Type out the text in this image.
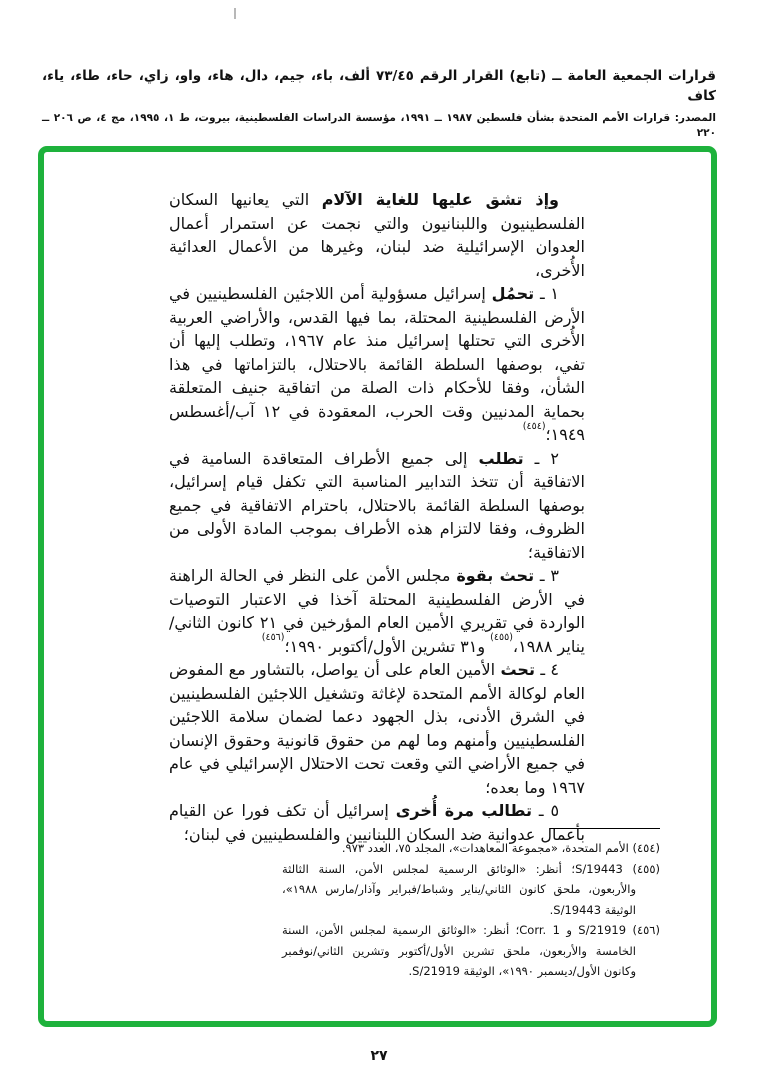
قرارات الجمعية العامة ــ (تابع) القرار الرقم ٧٣/٤٥ ألف، باء، جيم، دال، هاء، واو، زاي، حاء، طاء، ياء، كاف
المصدر: قرارات الأمم المتحدة بشأن فلسطين ١٩٨٧ ــ ١٩٩١، مؤسسة الدراسات الفلسطينية، بيروت، ط ١، ١٩٩٥، مج ٤، ص ٢٠٦ ــ ٢٢٠

وإذ تشق عليها للغاية الآلام التي يعانيها السكان الفلسطينيون واللبنانيون والتي نجمت عن استمرار أعمال العدوان الإسرائيلية ضد لبنان، وغيرها من الأعمال العدائية الأُخرى،

١ ـ تحمُل إسرائيل مسؤولية أمن اللاجئين الفلسطينيين في الأرض الفلسطينية المحتلة، بما فيها القدس، والأراضي العربية الأُخرى التي تحتلها إسرائيل منذ عام ١٩٦٧، وتطلب إليها أن تفي، بوصفها السلطة القائمة بالاحتلال، بالتزاماتها في هذا الشأن، وفقا للأحكام ذات الصلة من اتفاقية جنيف المتعلقة بحماية المدنيين وقت الحرب، المعقودة في ١٢ آب/أغسطس ١٩٤٩؛$^{(٤٥٤)}$

٢ ـ تطلب إلى جميع الأطراف المتعاقدة السامية في الاتفاقية أن تتخذ التدابير المناسبة التي تكفل قيام إسرائيل، بوصفها السلطة القائمة بالاحتلال، باحترام الاتفاقية في جميع الظروف، وفقا لالتزام هذه الأطراف بموجب المادة الأولى من الاتفاقية؛

٣ ـ تحث بقوة مجلس الأمن على النظر في الحالة الراهنة في الأرض الفلسطينية المحتلة آخذا في الاعتبار التوصيات الواردة في تقريري الأمين العام المؤرخين في ٢١ كانون الثاني/يناير ١٩٨٨،$^{(٤٥٥)}$ و٣١ تشرين الأول/أكتوبر ١٩٩٠؛$^{(٤٥٦)}$

٤ ـ تحث الأمين العام على أن يواصل، بالتشاور مع المفوض العام لوكالة الأمم المتحدة لإغاثة وتشغيل اللاجئين الفلسطينيين في الشرق الأدنى، بذل الجهود دعما لضمان سلامة اللاجئين الفلسطينيين وأمنهم وما لهم من حقوق قانونية وحقوق الإنسان في جميع الأراضي التي وقعت تحت الاحتلال الإسرائيلي في عام ١٩٦٧ وما بعده؛

٥ ـ تطالب مرة أُخرى إسرائيل أن تكف فورا عن القيام بأعمال عدوانية ضد السكان اللبنانيين والفلسطينيين في لبنان؛

(٤٥٤) الأمم المتحدة، «مجموعة المعاهدات»، المجلد ٧٥، العدد ٩٧٣.

(٤٥٥) S/19443؛ أنظر: «الوثائق الرسمية لمجلس الأمن، السنة الثالثة والأربعون، ملحق كانون الثاني/يناير وشباط/فبراير وآذار/مارس ١٩٨٨»، الوثيقة S/19443.

(٤٥٦) S/21919 و Corr. 1؛ أنظر: «الوثائق الرسمية لمجلس الأمن، السنة الخامسة والأربعون، ملحق تشرين الأول/أكتوبر وتشرين الثاني/نوفمبر وكانون الأول/ديسمبر ١٩٩٠»، الوثيقة S/21919.

٢٧
